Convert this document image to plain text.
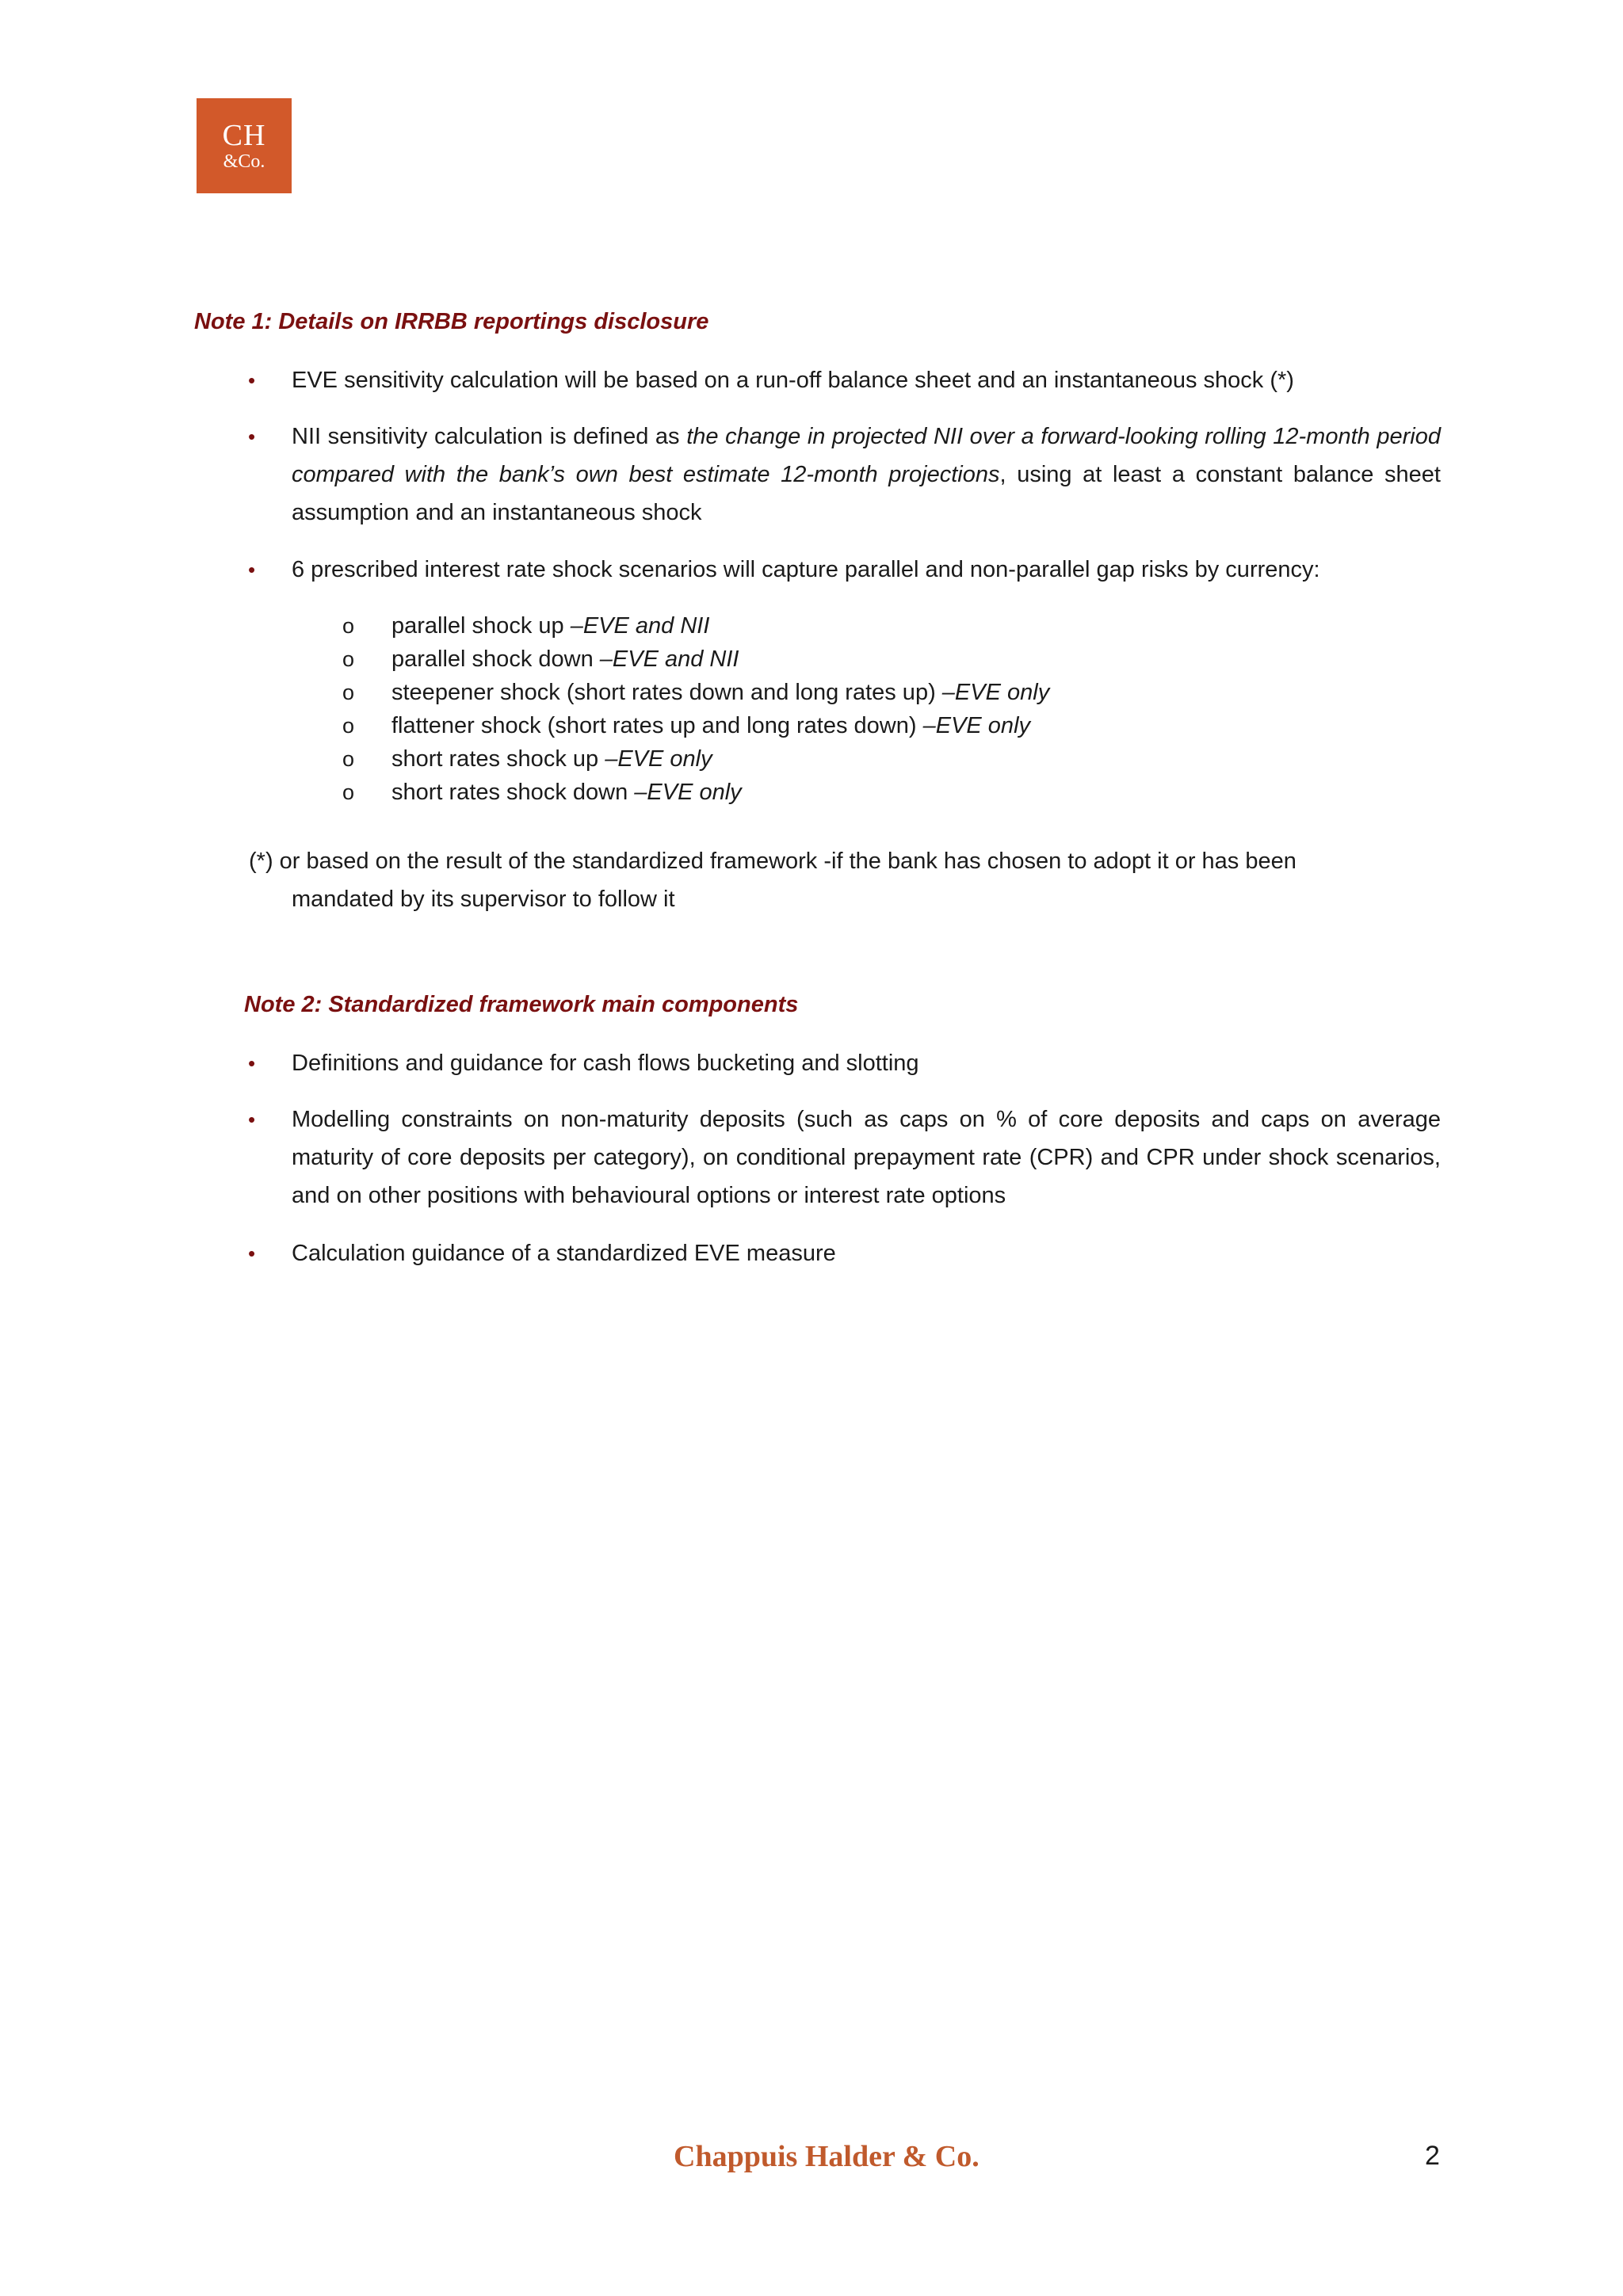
CH
&Co.
Note 1: Details on IRRBB reportings disclosure
• EVE sensitivity calculation will be based on a run-off balance sheet and an instantaneous shock (*)
• NII sensitivity calculation is defined as the change in projected NII over a forward-looking rolling 12-month period compared with the bank’s own best estimate 12-month projections, using at least a constant balance sheet assumption and an instantaneous shock
• 6 prescribed interest rate shock scenarios will capture parallel and non-parallel gap risks by currency:
o parallel shock up –EVE and NII
o parallel shock down –EVE and NII
o steepener shock (short rates down and long rates up) –EVE only
o flattener shock (short rates up and long rates down) –EVE only
o short rates shock up –EVE only
o short rates shock down –EVE only
(*) or based on the result of the standardized framework -if the bank has chosen to adopt it or has been
mandated by its supervisor to follow it
Note 2: Standardized framework main components
• Definitions and guidance for cash flows bucketing and slotting
• Modelling constraints on non-maturity deposits (such as caps on % of core deposits and caps on average maturity of core deposits per category), on conditional prepayment rate (CPR) and CPR under shock scenarios, and on other positions with behavioural options or interest rate options
• Calculation guidance of a standardized EVE measure
Chappuis Halder & Co.	2
